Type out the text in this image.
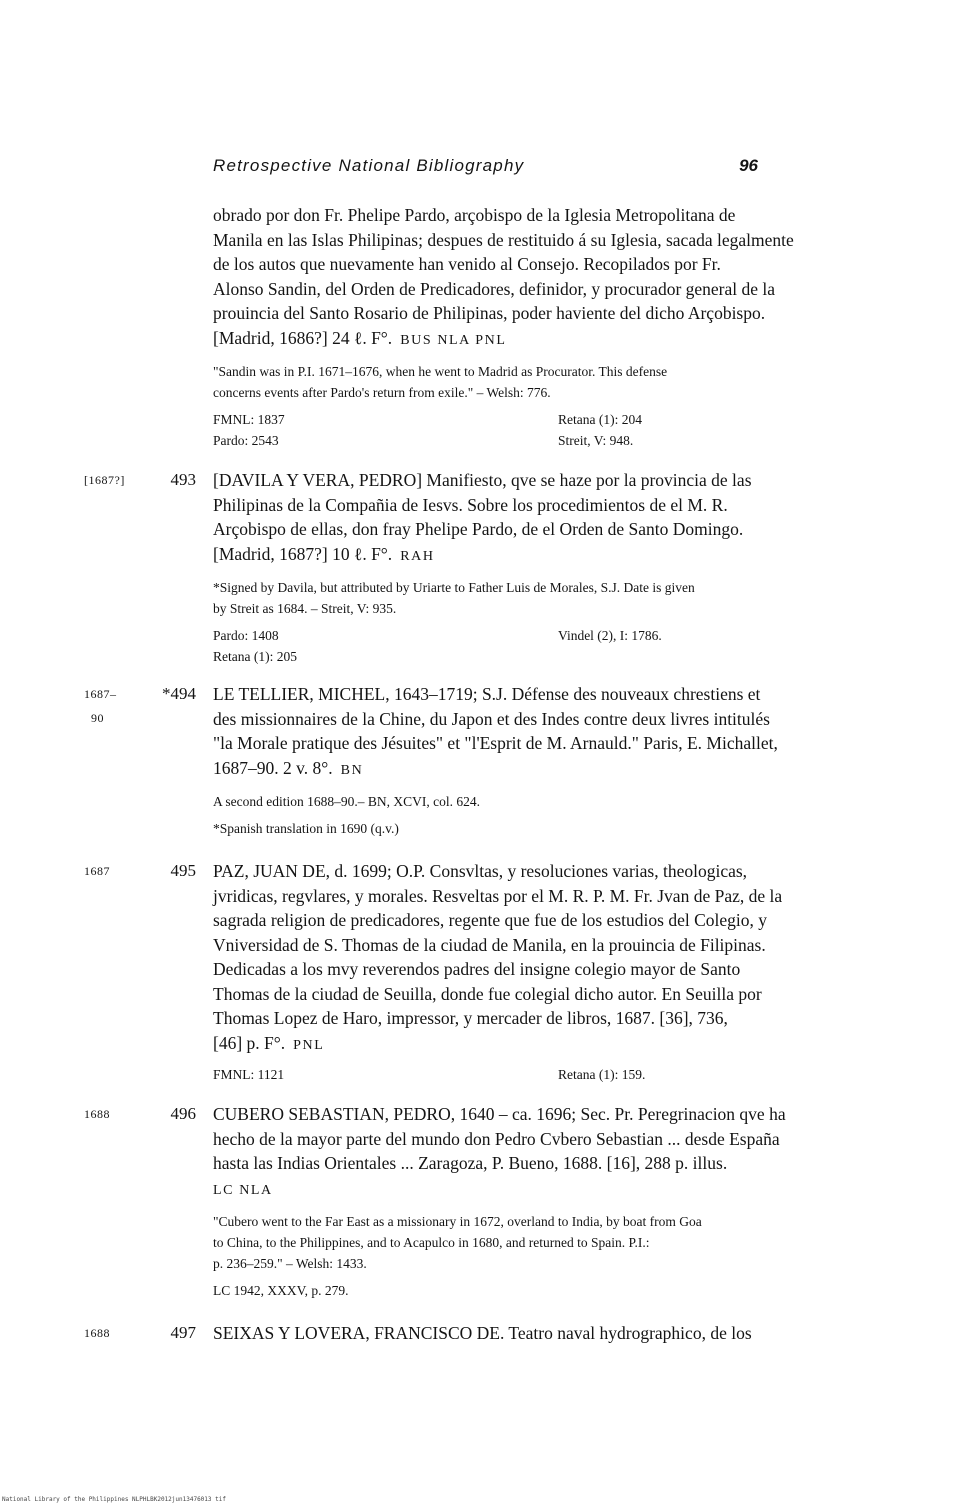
Retrospective National Bibliography	96
obrado por don Fr. Phelipe Pardo, arçobispo de la Iglesia Metropolitana de
Manila en las Islas Philipinas; despues de restituido á su Iglesia, sacada legalmente
de los autos que nuevamente han venido al Consejo. Recopilados por Fr.
Alonso Sandin, del Orden de Predicadores, definidor, y procurador general de la
prouincia del Santo Rosario de Philipinas, poder haviente del dicho Arçobispo.
[Madrid, 1686?] 24 ℓ. F°. BUS NLA PNL
"Sandin was in P.I. 1671–1676, when he went to Madrid as Procurator. This defense
concerns events after Pardo's return from exile." – Welsh: 776.
FMNL: 1837	Retana (1): 204
Pardo: 2543	Streit, V: 948.
[1687?]	493 [DAVILA Y VERA, PEDRO] Manifiesto, qve se haze por la provincia de las
Philipinas de la Compañia de Iesvs. Sobre los procedimientos de el M. R.
Arçobispo de ellas, don fray Phelipe Pardo, de el Orden de Santo Domingo.
[Madrid, 1687?] 10 ℓ. F°. RAH
*Signed by Davila, but attributed by Uriarte to Father Luis de Morales, S.J. Date is given
by Streit as 1684. – Streit, V: 935.
Pardo: 1408	Vindel (2), I: 1786.
Retana (1): 205
1687–
90
*494 LE TELLIER, MICHEL, 1643–1719; S.J. Défense des nouveaux chrestiens et
des missionnaires de la Chine, du Japon et des Indes contre deux livres intitulés
"la Morale pratique des Jésuites" et "l'Esprit de M. Arnauld." Paris, E. Michallet,
1687–90. 2 v. 8°. BN
A second edition 1688–90.– BN, XCVI, col. 624.
*Spanish translation in 1690 (q.v.)
1687	495 PAZ, JUAN DE, d. 1699; O.P. Consvltas, y resoluciones varias, theologicas,
jvridicas, regvlares, y morales. Resveltas por el M. R. P. M. Fr. Jvan de Paz, de la
sagrada religion de predicadores, regente que fue de los estudios del Colegio, y
Vniversidad de S. Thomas de la ciudad de Manila, en la prouincia de Filipinas.
Dedicadas a los mvy reverendos padres del insigne colegio mayor de Santo
Thomas de la ciudad de Seuilla, donde fue colegial dicho autor. En Seuilla por
Thomas Lopez de Haro, impressor, y mercader de libros, 1687. [36], 736,
[46] p. F°. PNL
FMNL: 1121	Retana (1): 159.
1688	496 CUBERO SEBASTIAN, PEDRO, 1640 – ca. 1696; Sec. Pr. Peregrinacion qve ha
hecho de la mayor parte del mundo don Pedro Cvbero Sebastian ... desde España
hasta las Indias Orientales ... Zaragoza, P. Bueno, 1688. [16], 288 p. illus.
LC NLA
"Cubero went to the Far East as a missionary in 1672, overland to India, by boat from Goa
to China, to the Philippines, and to Acapulco in 1680, and returned to Spain. P.I.:
p. 236–259." – Welsh: 1433.
LC 1942, XXXV, p. 279.
1688	497 SEIXAS Y LOVERA, FRANCISCO DE. Teatro naval hydrographico, de los
National Library of the Philippines NLPHLBK2012jun13476013 tif
